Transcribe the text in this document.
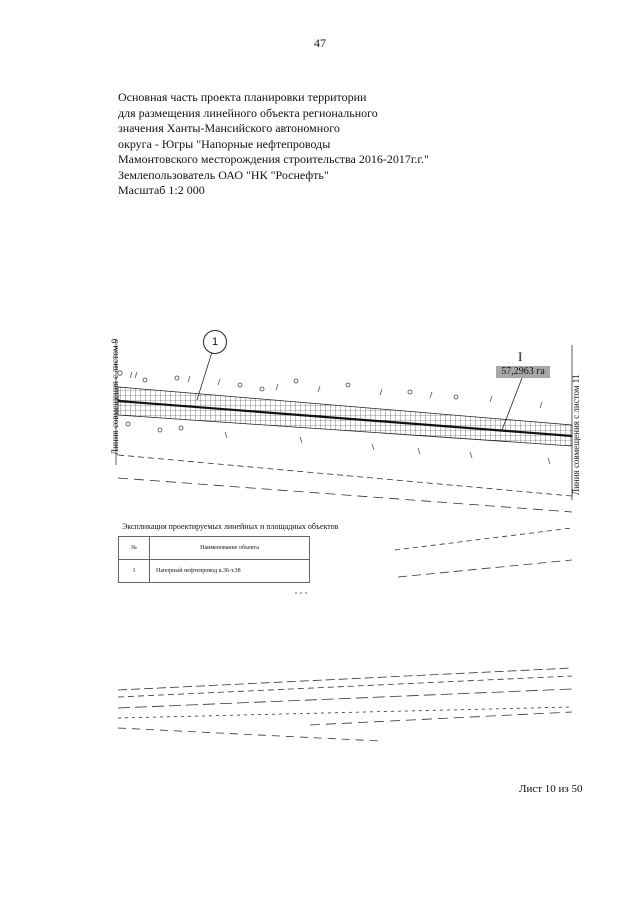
47
Основная часть проекта планировки территории
для размещения линейного объекта регионального
значения Ханты-Мансийского автономного
округа - Югры "Напорные нефтепроводы
Мамонтовского месторождения строительства 2016-2017г.г."
Землепользователь ОАО "НК "Роснефть"
Масштаб 1:2 000
Линия совмещения с листом 9	Линия совмещения с листом 11
1
I
57,2963 га
Экспликация проектируемых линейных и площадных объектов
№	Наименование объекта
1	Напорный нефтепровод к.36-т.38
Лист 10 из 50
